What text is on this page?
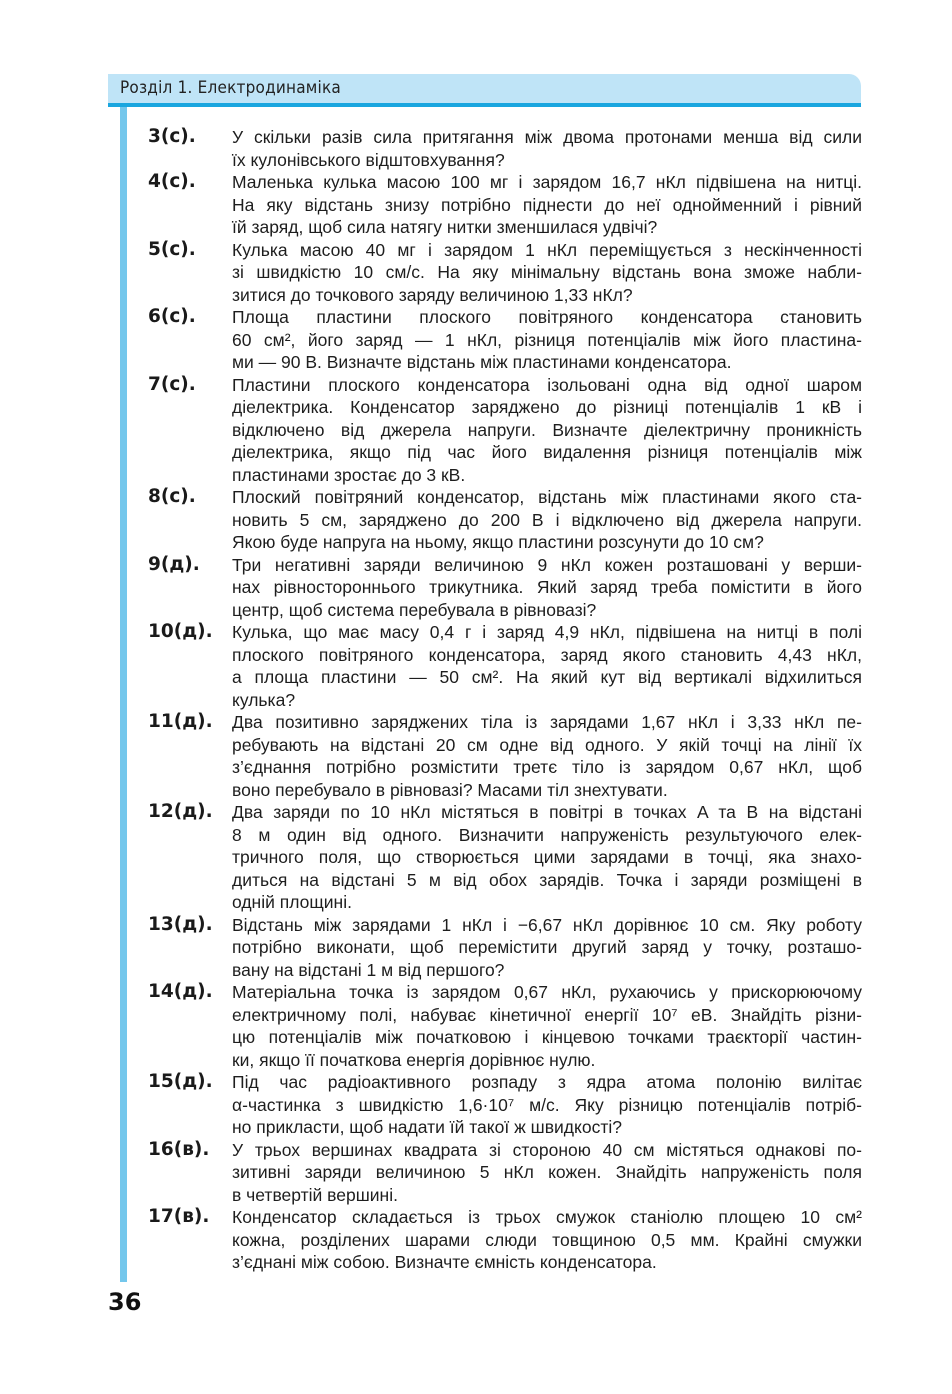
Розділ 1. Електродинаміка
3(с).	У скільки разів сила притягання між двома протонами менша від сили
їх кулонівського відштовхування?
4(с).	Маленька кулька масою 100 мг і зарядом 16,7 нКл підвішена на нитці.
На яку відстань знизу потрібно піднести до неї однойменний і рівний
їй заряд, щоб сила натягу нитки зменшилася удвічі?
5(с).	Кулька масою 40 мг і зарядом 1 нКл переміщується з нескінченності
зі швидкістю 10 см/с. На яку мінімальну відстань вона зможе набли-
зитися до точкового заряду величиною 1,33 нКл?
6(с).	Площа пластини плоского повітряного конденсатора становить
60 см², його заряд — 1 нКл, різниця потенціалів між його пластина-
ми — 90 В. Визначте відстань між пластинами конденсатора.
7(с).	Пластини плоского конденсатора ізольовані одна від одної шаром
діелектрика. Конденсатор заряджено до різниці потенціалів 1 кВ і
відключено від джерела напруги. Визначте діелектричну проникність
діелектрика, якщо під час його видалення різниця потенціалів між
пластинами зростає до 3 кВ.
8(с).	Плоский повітряний конденсатор, відстань між пластинами якого ста-
новить 5 см, заряджено до 200 В і відключено від джерела напруги.
Якою буде напруга на ньому, якщо пластини розсунути до 10 см?
9(д).	Три негативні заряди величиною 9 нКл кожен розташовані у верши-
нах рівностороннього трикутника. Який заряд треба помістити в його
центр, щоб система перебувала в рівновазі?
10(д).	Кулька, що має масу 0,4 г і заряд 4,9 нКл, підвішена на нитці в полі
плоского повітряного конденсатора, заряд якого становить 4,43 нКл,
а площа пластини — 50 см². На який кут від вертикалі відхилиться
кулька?
11(д).	Два позитивно заряджених тіла із зарядами 1,67 нКл і 3,33 нКл пе-
ребувають на відстані 20 см одне від одного. У якій точці на лінії їх
з’єднання потрібно розмістити третє тіло із зарядом 0,67 нКл, щоб
воно перебувало в рівновазі? Масами тіл знехтувати.
12(д).	Два заряди по 10 нКл містяться в повітрі в точках A та B на відстані
8 м один від одного. Визначити напруженість результуючого елек-
тричного поля, що створюється цими зарядами в точці, яка знахо-
диться на відстані 5 м від обох зарядів. Точка і заряди розміщені в
одній площині.
13(д).	Відстань між зарядами 1 нКл і −6,67 нКл дорівнює 10 см. Яку роботу
потрібно виконати, щоб перемістити другий заряд у точку, розташо-
вану на відстані 1 м від першого?
14(д).	Матеріальна точка із зарядом 0,67 нКл, рухаючись у прискорюючому
електричному полі, набуває кінетичної енергії 10⁷ еВ. Знайдіть різни-
цю потенціалів між початковою і кінцевою точками траєкторії частин-
ки, якщо її початкова енергія дорівнює нулю.
15(д).	Під час радіоактивного розпаду з ядра атома полонію вилітає
α-частинка з швидкістю 1,6·10⁷ м/с. Яку різницю потенціалів потріб-
но прикласти, щоб надати їй такої ж швидкості?
16(в).	У трьох вершинах квадрата зі стороною 40 см містяться однакові по-
зитивні заряди величиною 5 нКл кожен. Знайдіть напруженість поля
в четвертій вершині.
17(в).	Конденсатор складається із трьох смужок станіолю площею 10 см²
кожна, розділених шарами слюди товщиною 0,5 мм. Крайні смужки
з’єднані між собою. Визначте ємність конденсатора.
36
